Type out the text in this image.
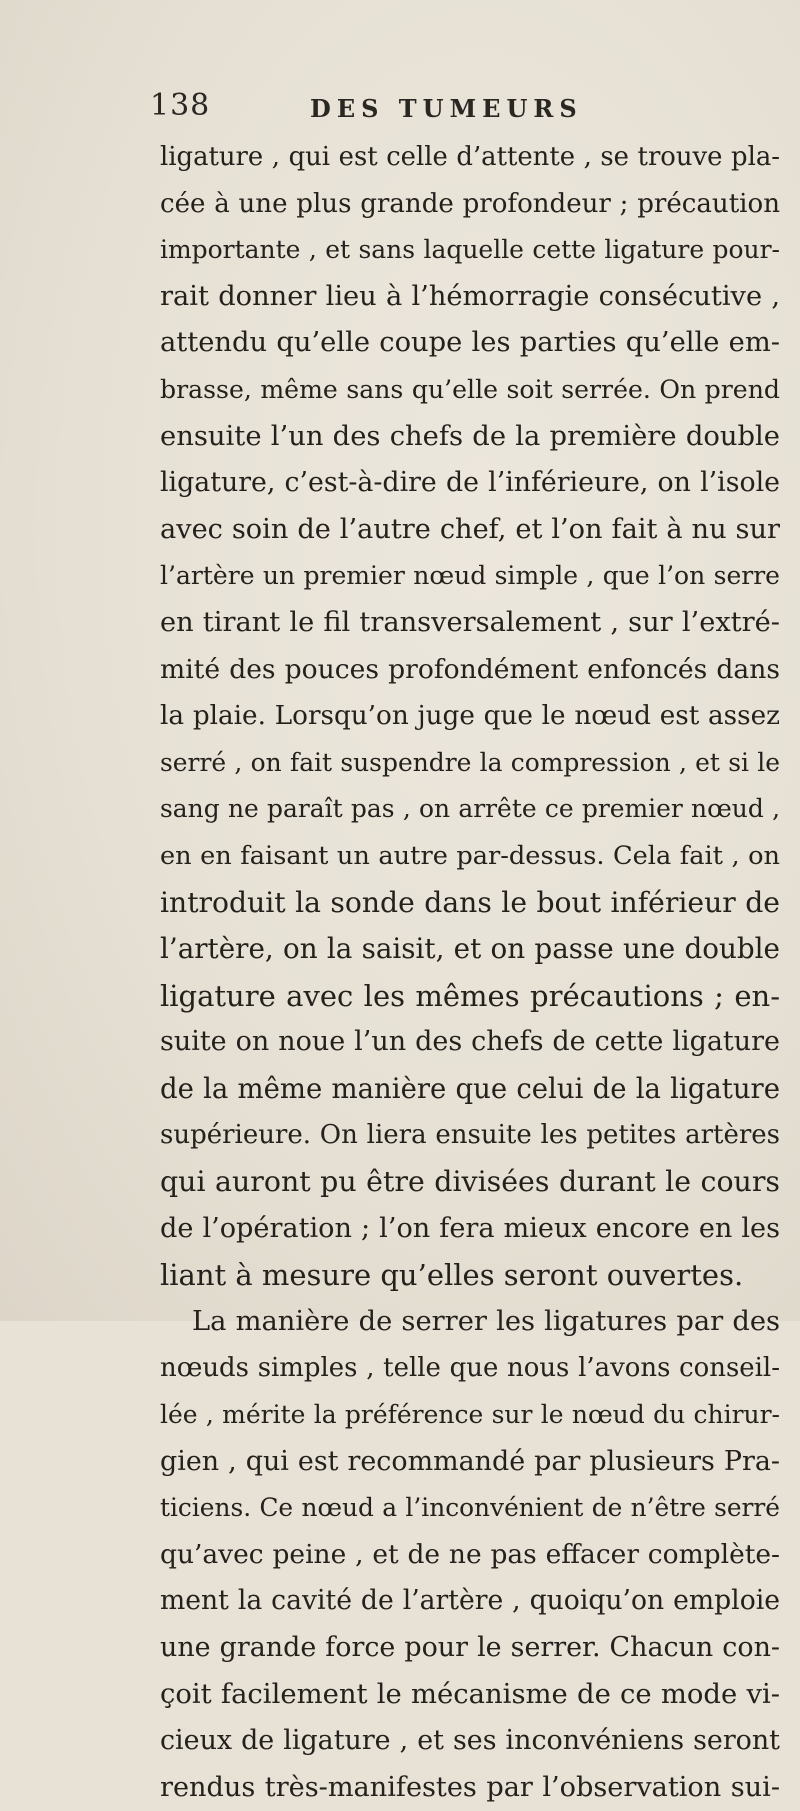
138	DES TUMEURS
ligature , qui est celle d’attente , se trouve pla-
cée à une plus grande profondeur ; précaution
importante , et sans laquelle cette ligature pour-
rait donner lieu à l’hémorragie consécutive ,
attendu qu’elle coupe les parties qu’elle em-
brasse, même sans qu’elle soit serrée. On prend
ensuite l’un des chefs de la première double
ligature, c’est-à-dire de l’inférieure, on l’isole
avec soin de l’autre chef, et l’on fait à nu sur
l’artère un premier nœud simple , que l’on serre
en tirant le fil transversalement , sur l’extré-
mité des pouces profondément enfoncés dans
la plaie. Lorsqu’on juge que le nœud est assez
serré , on fait suspendre la compression , et si le
sang ne paraît pas , on arrête ce premier nœud ,
en en faisant un autre par-dessus. Cela fait , on
introduit la sonde dans le bout inférieur de
l’artère, on la saisit, et on passe une double
ligature avec les mêmes précautions ; en-
suite on noue l’un des chefs de cette ligature
de la même manière que celui de la ligature
supérieure. On liera ensuite les petites artères
qui auront pu être divisées durant le cours
de l’opération ; l’on fera mieux encore en les
liant à mesure qu’elles seront ouvertes.
La manière de serrer les ligatures par des
nœuds simples , telle que nous l’avons conseil-
lée , mérite la préférence sur le nœud du chirur-
gien , qui est recommandé par plusieurs Pra-
ticiens. Ce nœud a l’inconvénient de n’être serré
qu’avec peine , et de ne pas effacer complète-
ment la cavité de l’artère , quoiqu’on emploie
une grande force pour le serrer. Chacun con-
çoit facilement le mécanisme de ce mode vi-
cieux de ligature , et ses inconvéniens seront
rendus très-manifestes par l’observation sui-
